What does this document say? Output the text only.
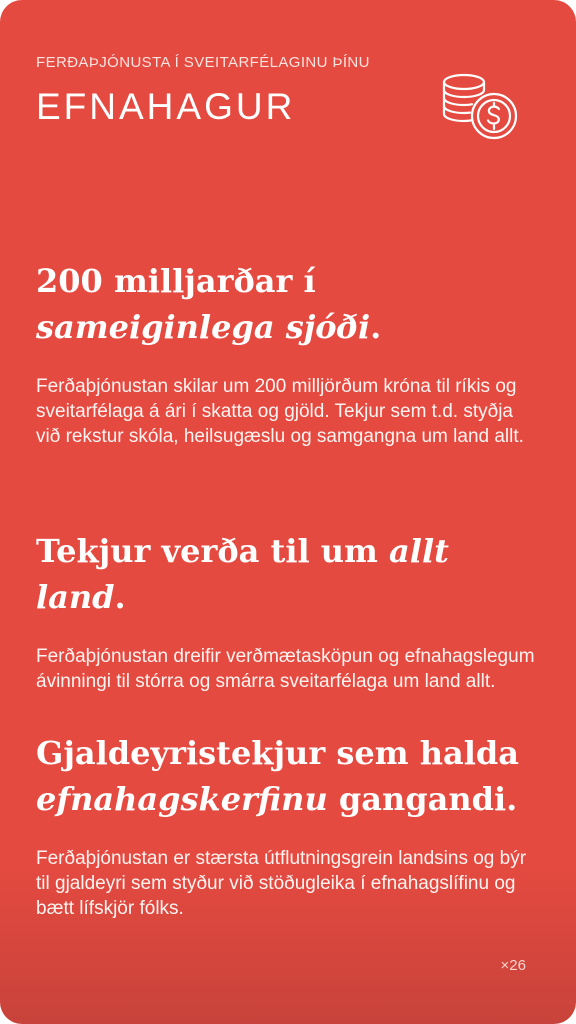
FERÐAÞJÓNUSTA Í SVEITARFÉLAGINU ÞÍNU
EFNAHAGUR
200 milljarðar í sameiginlega sjóði.

Ferðaþjónustan skilar um 200 milljörðum króna til ríkis og sveitarfélaga á ári í skatta og gjöld. Tekjur sem t.d. styðja við rekstur skóla, heilsugæslu og samgangna um land allt.

Tekjur verða til um allt land.

Ferðaþjónustan dreifir verðmætasköpun og efnahagslegum ávinningi til stórra og smárra sveitarfélaga um land allt.

Gjaldeyristekjur sem halda efnahagskerfinu gangandi.

Ferðaþjónustan er stærsta útflutningsgrein landsins og býr til gjaldeyri sem styður við stöðugleika í efnahagslífinu og bætt lífskjör fólks.

×26
